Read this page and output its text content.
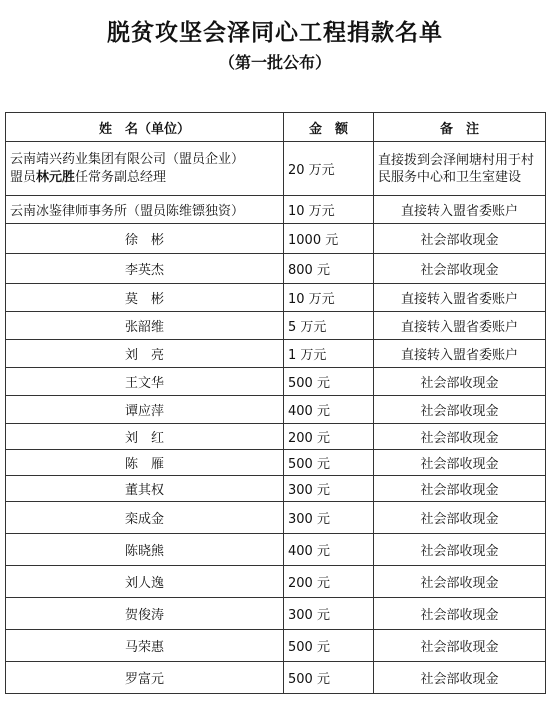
脱贫攻坚会泽同心工程捐款名单
（第一批公布）
姓　名（单位）	金　额	备　注

云南靖兴药业集团有限公司（盟员企业）
盟员林元胜任常务副总经理	20 万元	直接拨到会泽闸塘村用于村民服务中心和卫生室建设
云南冰鉴律师事务所（盟员陈维镖独资）	10 万元	直接转入盟省委账户
徐　彬	1000 元	社会部收现金
李英杰	800 元	社会部收现金
莫　彬	10 万元	直接转入盟省委账户
张韶维	5 万元	直接转入盟省委账户
刘　亮	1 万元	直接转入盟省委账户
王文华	500 元	社会部收现金
谭应萍	400 元	社会部收现金
刘　红	200 元	社会部收现金
陈　雁	500 元	社会部收现金
董其权	300 元	社会部收现金
栾成金	300 元	社会部收现金
陈晓熊	400 元	社会部收现金
刘人逸	200 元	社会部收现金
贺俊涛	300 元	社会部收现金
马荣惠	500 元	社会部收现金
罗富元	500 元	社会部收现金
